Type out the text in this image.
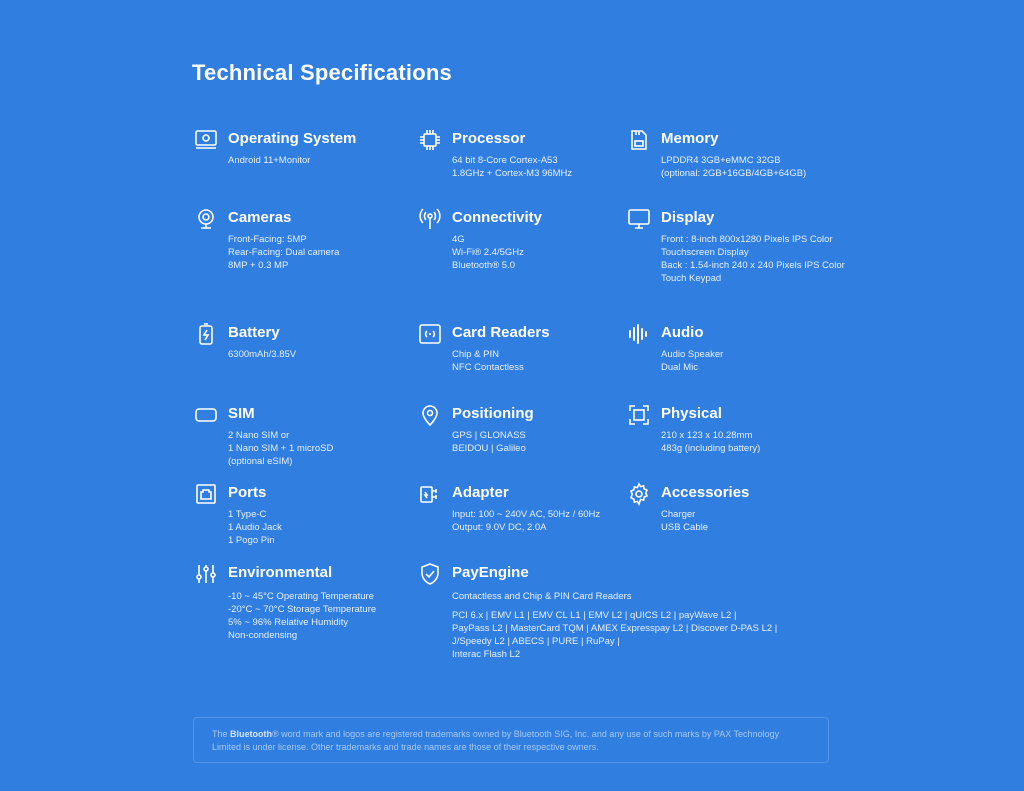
Technical Specifications
Operating System
Android 11+Monitor
Processor
64 bit 8-Core Cortex-A53
1.8GHz + Cortex-M3 96MHz
Memory
LPDDR4 3GB+eMMC 32GB
(optional: 2GB+16GB/4GB+64GB)
Cameras
Front-Facing: 5MP
Rear-Facing: Dual camera
8MP + 0.3 MP
Connectivity
4G
Wi-Fi® 2.4/5GHz
Bluetooth® 5.0
Display
Front : 8-inch 800x1280 Pixels IPS Color
Touchscreen Display
Back : 1.54-inch 240 x 240 Pixels IPS Color
Touch Keypad
Battery
6300mAh/3.85V
Card Readers
Chip & PIN
NFC Contactless
Audio
Audio Speaker
Dual Mic
SIM
2 Nano SIM or
1 Nano SIM + 1 microSD
(optional eSIM)
Positioning
GPS | GLONASS
BEIDOU | Galileo
Physical
210 x 123 x 10.28mm
483g (including battery)
Ports
1 Type-C
1 Audio Jack
1 Pogo Pin
Adapter
Input: 100 ~ 240V AC, 50Hz / 60Hz
Output: 9.0V DC, 2.0A
Accessories
Charger
USB Cable
Environmental
-10 ~ 45°C Operating Temperature
-20°C ~ 70°C Storage Temperature
5% ~ 96% Relative Humidity
Non-condensing
PayEngine
Contactless and Chip & PIN Card Readers
PCI 6.x | EMV L1 | EMV CL L1 | EMV L2 | qUICS L2 | payWave L2 |
PayPass L2 | MasterCard TQM | AMEX Expresspay L2 | Discover D-PAS L2 |
J/Speedy L2 | ABECS | PURE | RuPay |
Interac Flash L2
The Bluetooth® word mark and logos are registered trademarks owned by Bluetooth SIG, Inc. and any use of such marks by PAX Technology Limited is under license. Other trademarks and trade names are those of their respective owners.
